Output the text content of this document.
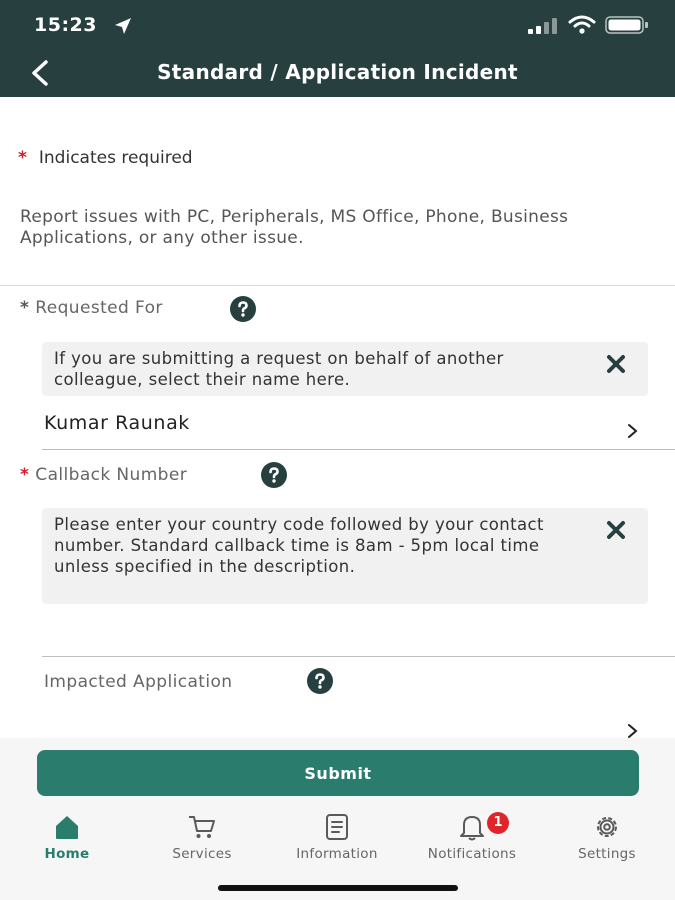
15:23
Standard / Application Incident
* Indicates required
Report issues with PC, Peripherals, MS Office, Phone, Business Applications, or any other issue.
* Requested For
If you are submitting a request on behalf of another colleague, select their name here.
Kumar Raunak
* Callback Number
Please enter your country code followed by your contact number. Standard callback time is 8am - 5pm local time unless specified in the description.
Impacted Application
Submit
Home	Services	Information
1
Notifications	Settings
